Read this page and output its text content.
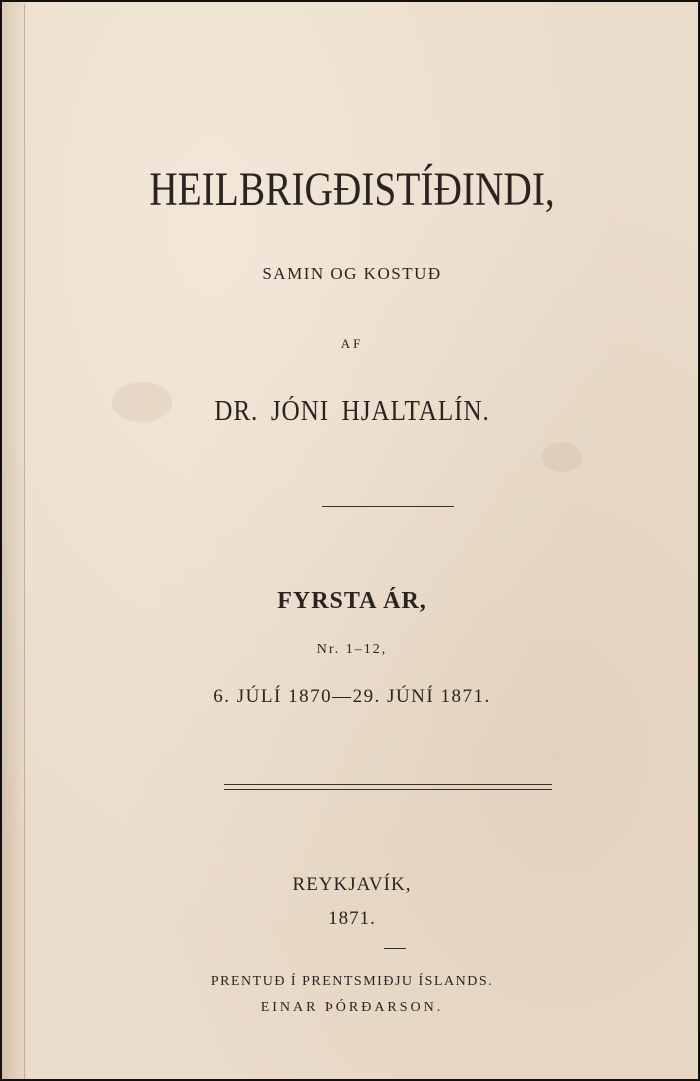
HEILBRIGÐISTÍÐINDI,
SAMIN OG KOSTUÐ
AF
DR. JÓNI HJALTALÍN.
FYRSTA ÁR,
Nr. 1–12,
6. JÚLÍ 1870—29. JÚNÍ 1871.
REYKJAVÍK,
1871.
PRENTUÐ Í PRENTSMIÐJU ÍSLANDS.
EINAR ÞÓRÐARSON.
